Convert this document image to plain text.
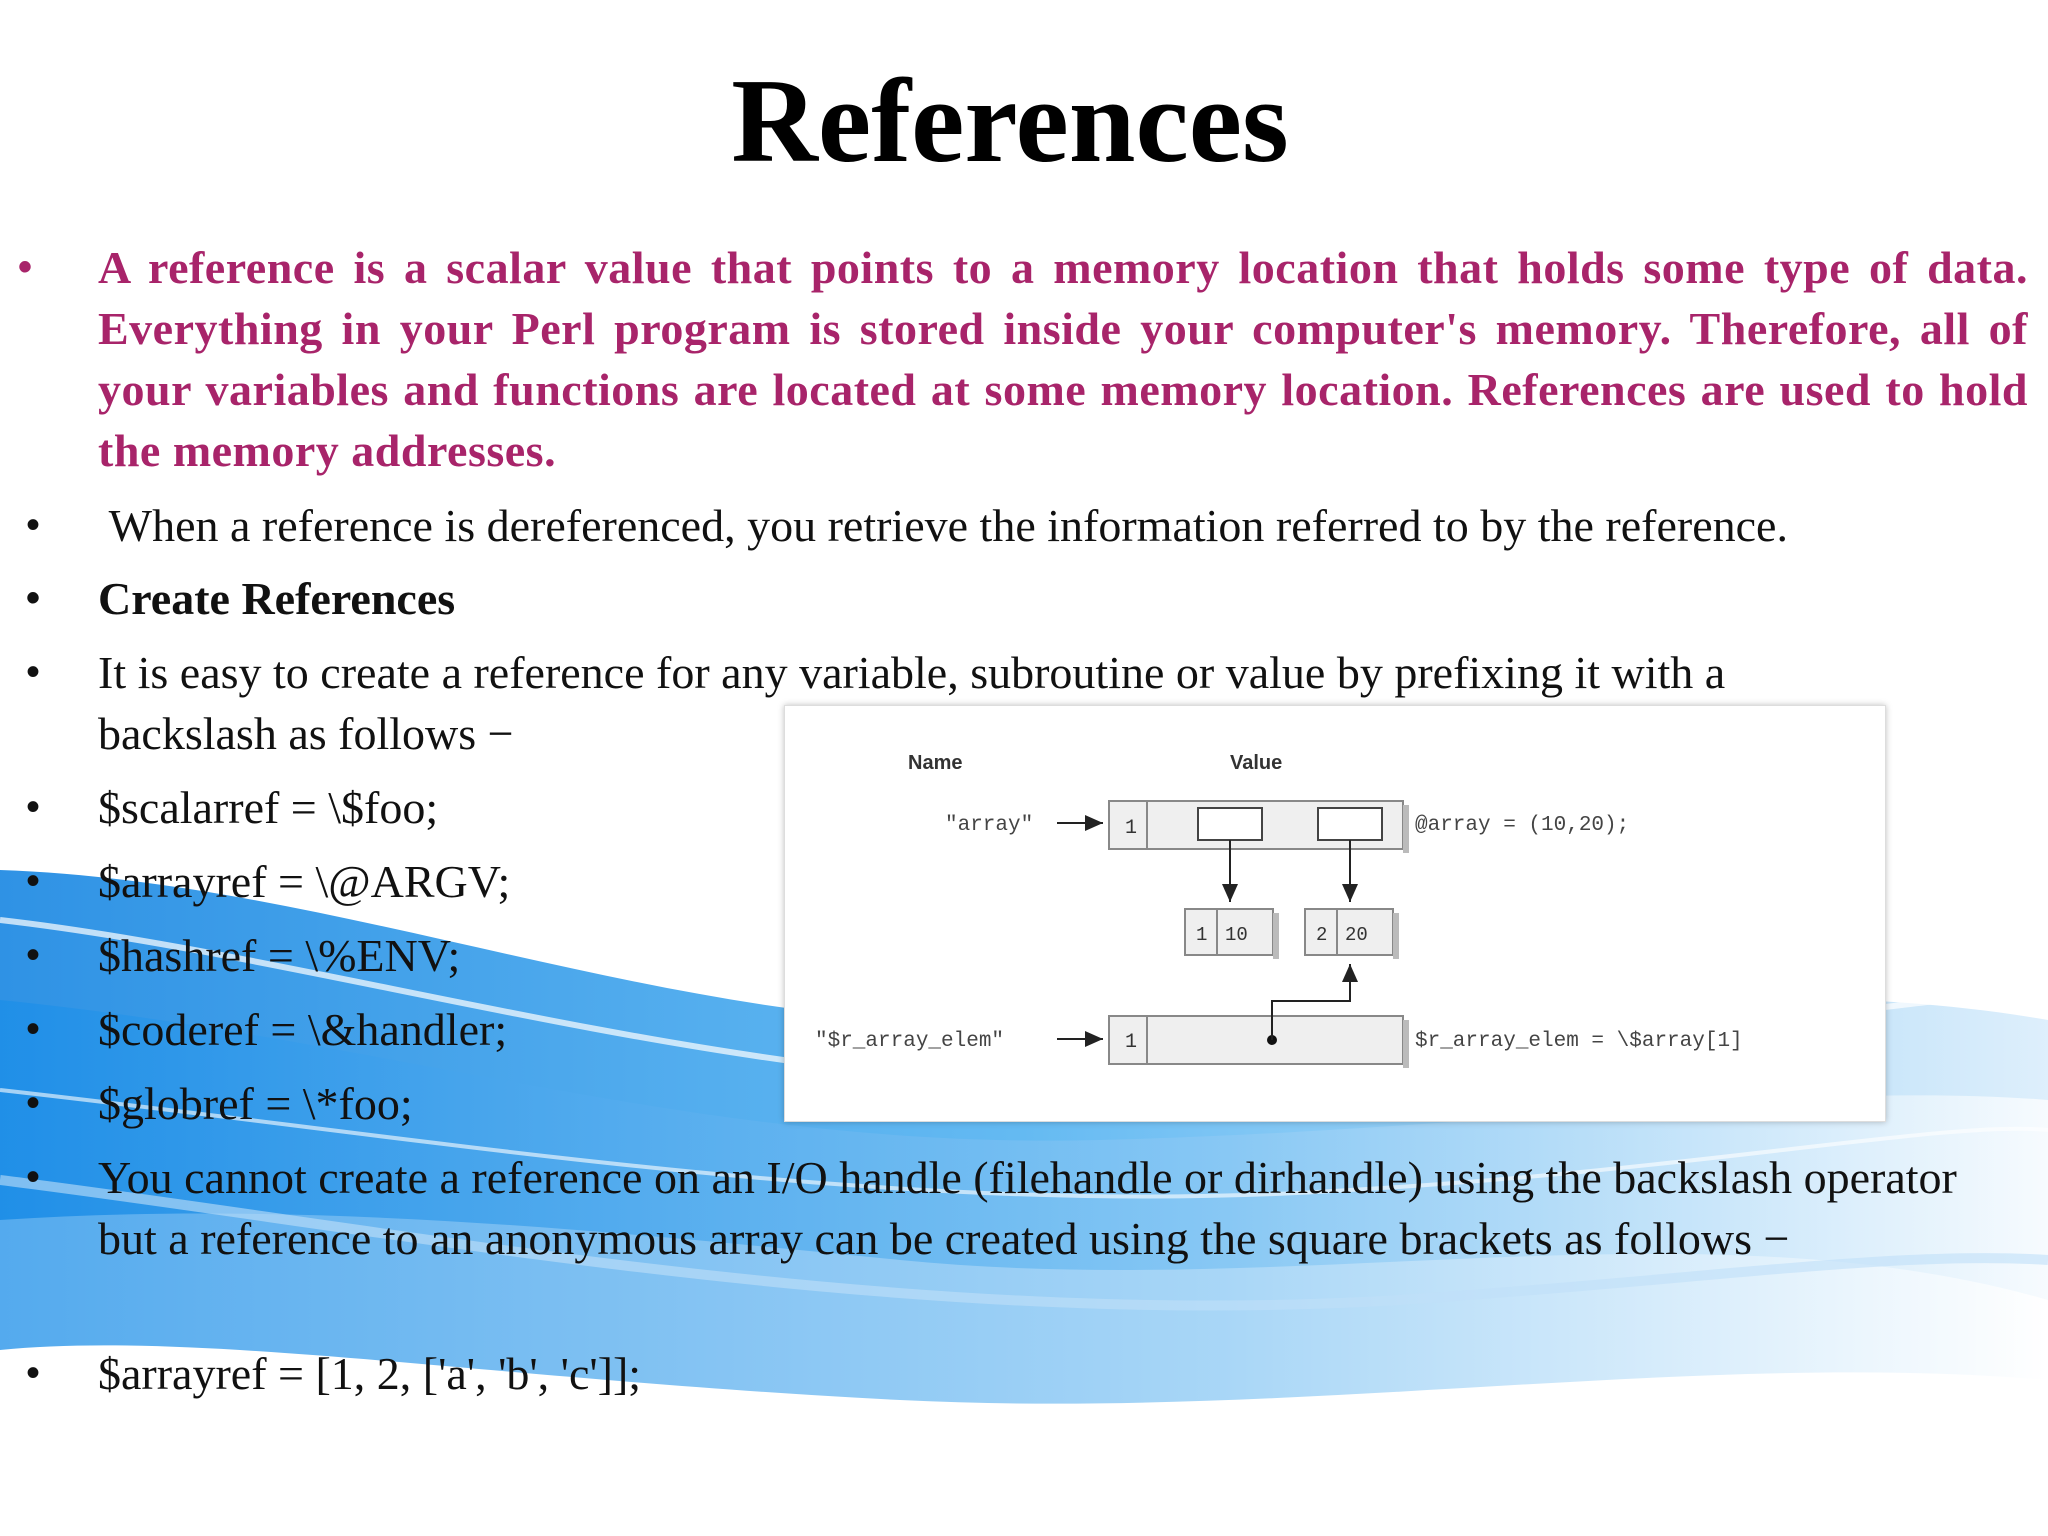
References
•	A reference is a scalar value that points to a memory location that holds some type of data. Everything in your Perl program is stored inside your computer's memory. Therefore, all of your variables and functions are located at some memory location. References are used to hold the memory addresses.
• When a reference is dereferenced, you retrieve the information referred to by the reference.
• Create References
• It is easy to create a reference for any variable, subroutine or value by prefixing it with a backslash as follows −
• $scalarref = \$foo;
• $arrayref = \@ARGV;
• $hashref = \%ENV;
• $coderef = \&handler;
• $globref = \*foo;
• You cannot create a reference on an I/O handle (filehandle or dirhandle) using the backslash operator but a reference to an anonymous array can be created using the square brackets as follows −
• $arrayref = [1, 2, ['a', 'b', 'c']];
Name	Value
"array"	@array = (10,20);
"$r_array_elem"	$r_array_elem = \$array[1]
1
1 10	2 20
1
